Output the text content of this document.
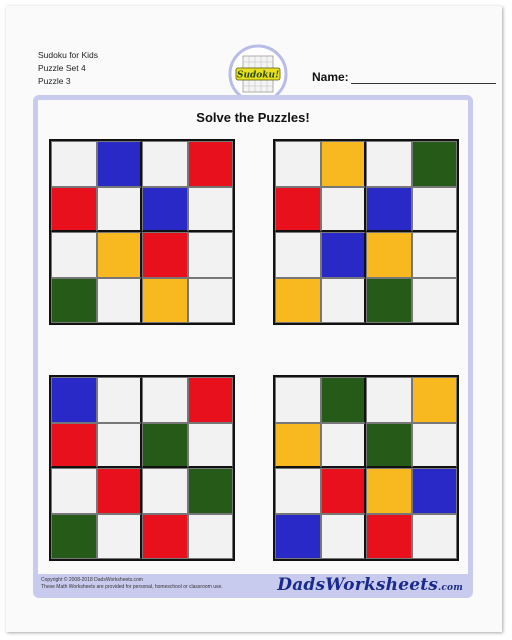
Sudoku for Kids
Puzzle Set 4
Puzzle 3
Sudoku!	Name:
Solve the Puzzles!
Copyright © 2008-2018 DadsWorksheets.com
These Math Worksheets are provided for personal, homeschool or classroom use.	DadsWorksheets.com
